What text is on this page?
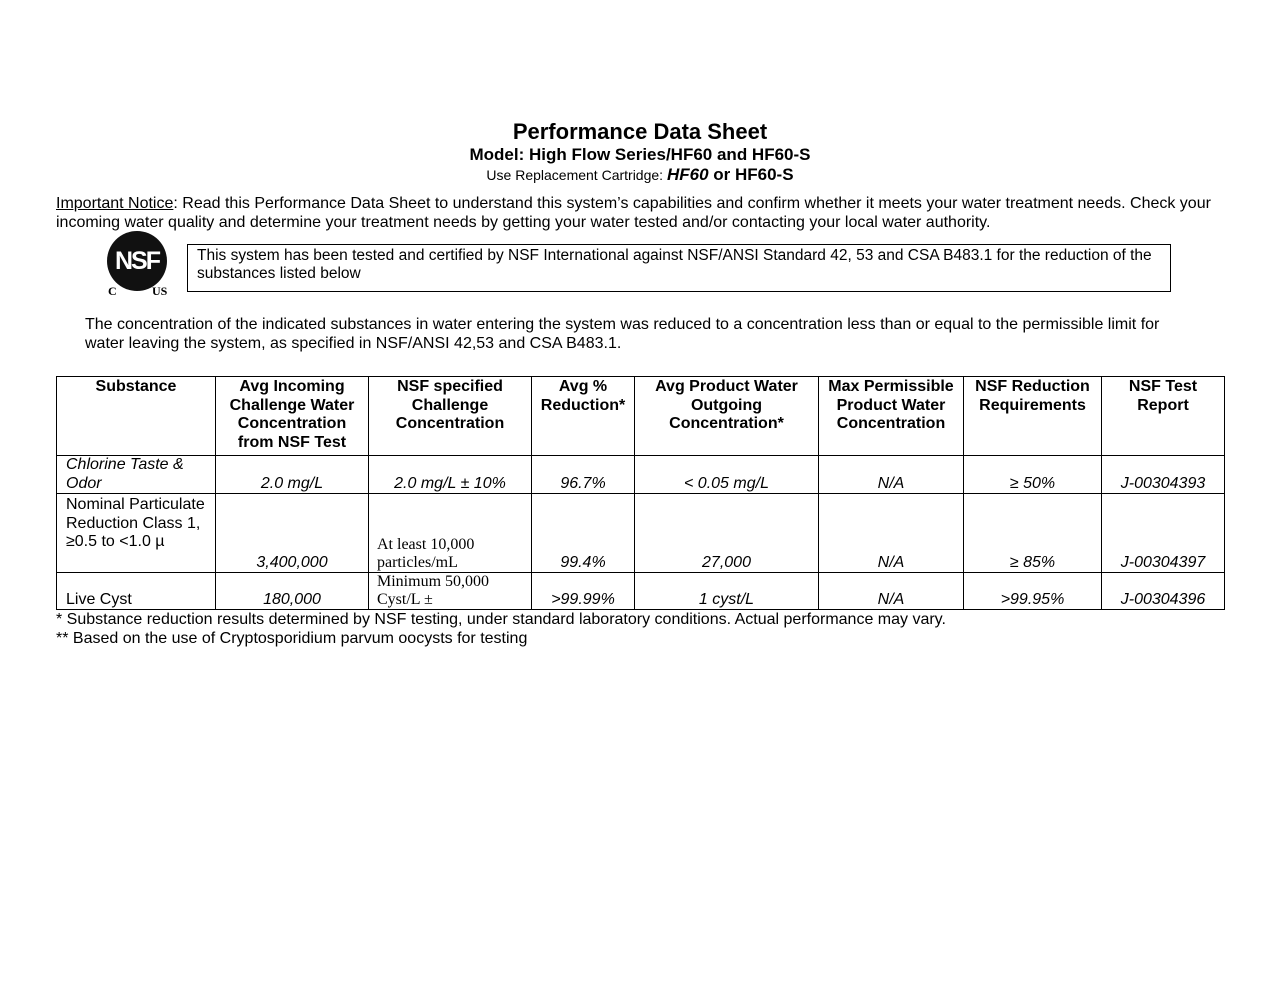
Performance Data Sheet
Model: High Flow Series/HF60 and HF60-S
Use Replacement Cartridge: HF60 or HF60-S
Important Notice: Read this Performance Data Sheet to understand this system’s capabilities and confirm whether it meets your water treatment needs. Check your incoming water quality and determine your treatment needs by getting your water tested and/or contacting your local water authority.
NSF
C	US
This system has been tested and certified by NSF International against NSF/ANSI Standard 42, 53 and CSA B483.1 for the reduction of the substances listed below
The concentration of the indicated substances in water entering the system was reduced to a concentration less than or equal to the permissible limit for water leaving the system, as specified in NSF/ANSI 42,53 and CSA B483.1.
Substance	Avg Incoming Challenge Water Concentration from NSF Test	NSF specified Challenge Concentration	Avg % Reduction*	Avg Product Water Outgoing Concentration*	Max Permissible Product Water Concentration	NSF Reduction Requirements	NSF Test Report
Chlorine Taste & Odor	2.0 mg/L	2.0 mg/L ± 10%	96.7%	< 0.05 mg/L	N/A	≥ 50%	J-00304393
Nominal Particulate Reduction Class 1, ≥0.5 to <1.0 µ	3,400,000	At least 10,000 particles/mL	99.4%	27,000	N/A	≥ 85%	J-00304397
Live Cyst	180,000	Minimum 50,000 Cyst/L ±	>99.99%	1 cyst/L	N/A	>99.95%	J-00304396
* Substance reduction results determined by NSF testing, under standard laboratory conditions. Actual performance may vary.
** Based on the use of Cryptosporidium parvum oocysts for testing
